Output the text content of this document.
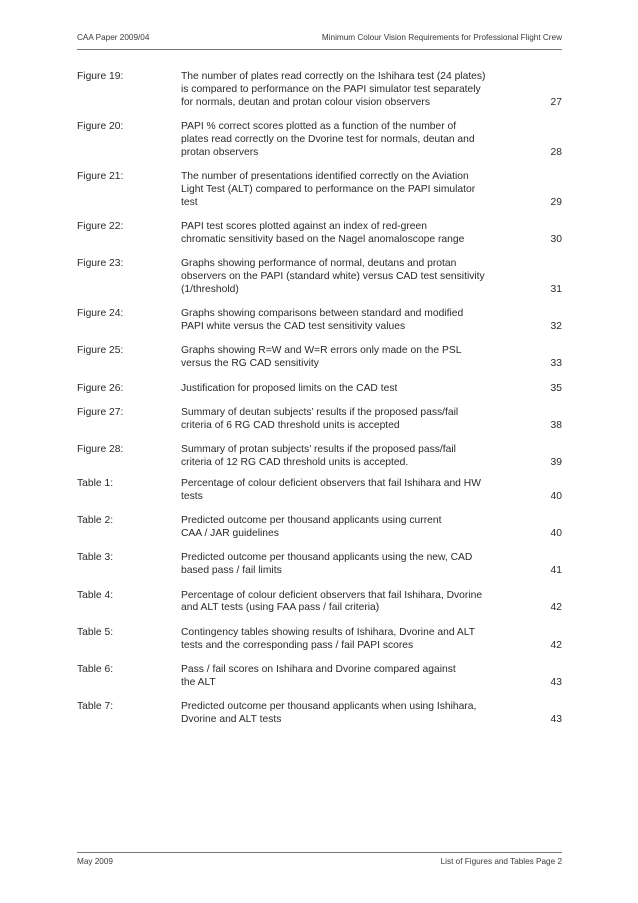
CAA Paper 2009/04	Minimum Colour Vision Requirements for Professional Flight Crew
Figure 19:	The number of plates read correctly on the Ishihara test (24 plates)
is compared to performance on the PAPI simulator test separately
for normals, deutan and protan colour vision observers	27
Figure 20:	PAPI % correct scores plotted as a function of the number of
plates read correctly on the Dvorine test for normals, deutan and
protan observers	28
Figure 21:	The number of presentations identified correctly on the Aviation
Light Test (ALT) compared to performance on the PAPI simulator
test	29
Figure 22:	PAPI test scores plotted against an index of red-green
chromatic sensitivity based on the Nagel anomaloscope range	30
Figure 23:	Graphs showing performance of normal, deutans and protan
observers on the PAPI (standard white) versus CAD test sensitivity
(1/threshold)	31
Figure 24:	Graphs showing comparisons between standard and modified
PAPI white versus the CAD test sensitivity values	32
Figure 25:	Graphs showing R=W and W=R errors only made on the PSL
versus the RG CAD sensitivity	33
Figure 26:	Justification for proposed limits on the CAD test	35
Figure 27:	Summary of deutan subjects’ results if the proposed pass/fail
criteria of 6 RG CAD threshold units is accepted	38
Figure 28:	Summary of protan subjects’ results if the proposed pass/fail
criteria of 12 RG CAD threshold units is accepted.	39
Table 1:	Percentage of colour deficient observers that fail Ishihara and HW
tests	40
Table 2:	Predicted outcome per thousand applicants using current
CAA / JAR guidelines	40
Table 3:	Predicted outcome per thousand applicants using the new, CAD
based pass / fail limits	41
Table 4:	Percentage of colour deficient observers that fail Ishihara, Dvorine
and ALT tests (using FAA pass / fail criteria)	42
Table 5:	Contingency tables showing results of Ishihara, Dvorine and ALT
tests and the corresponding pass / fail PAPI scores	42
Table 6:	Pass / fail scores on Ishihara and Dvorine compared against
the ALT	43
Table 7:	Predicted outcome per thousand applicants when using Ishihara,
Dvorine and ALT tests	43
May 2009	List of Figures and Tables Page 2
